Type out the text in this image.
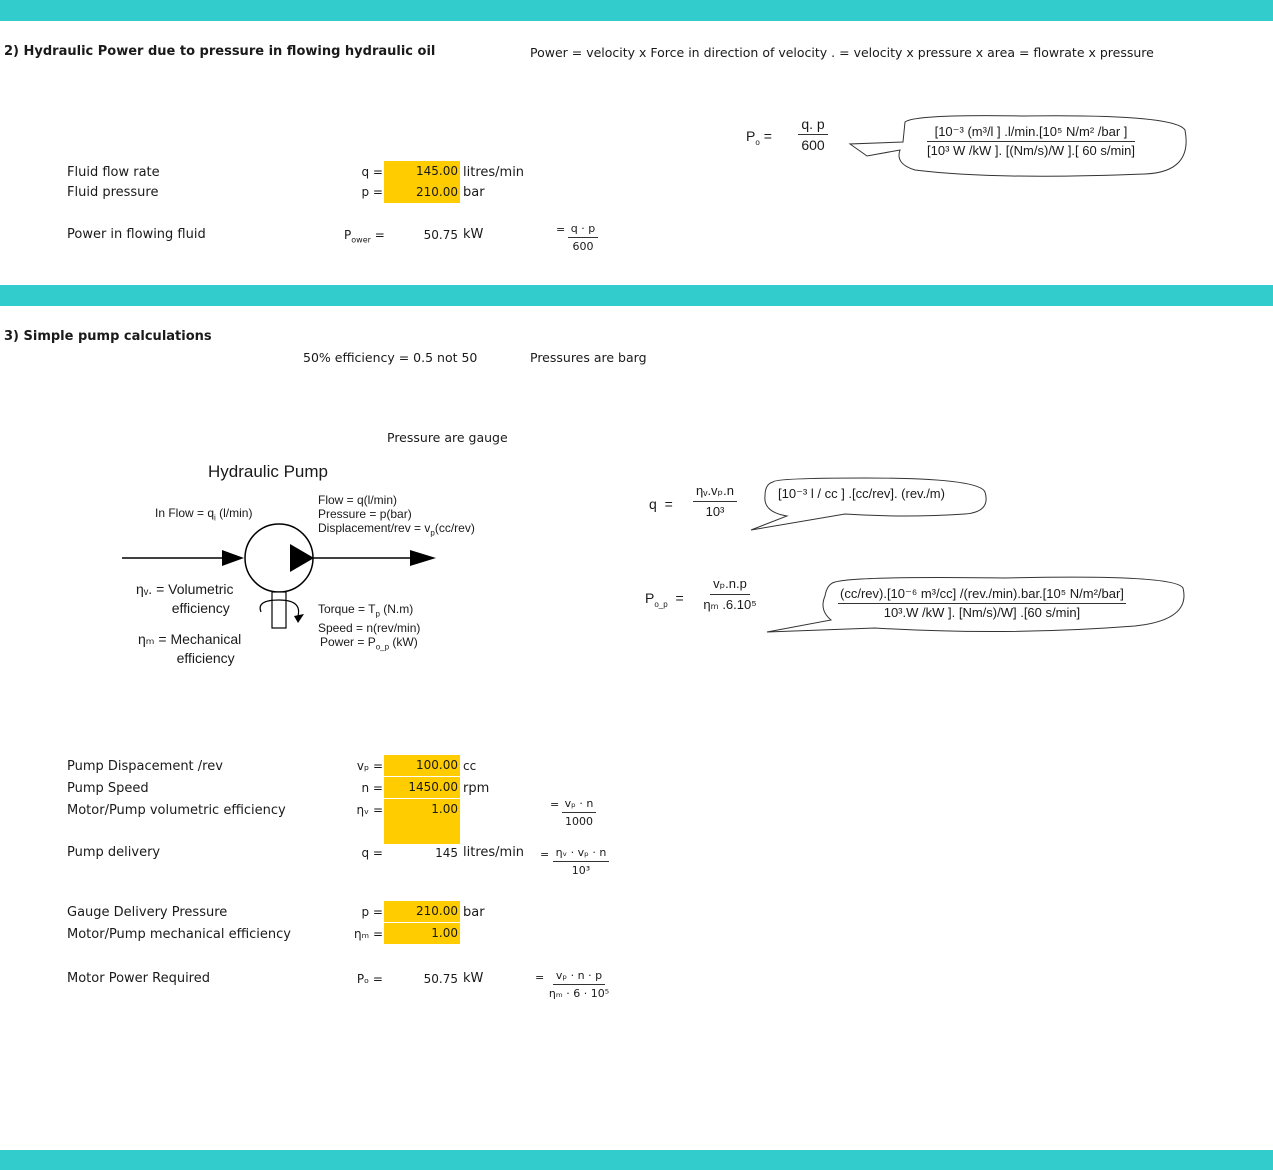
2) Hydraulic Power due to pressure in flowing hydraulic oil	Power = velocity x Force in direction of velocity . = velocity x pressure x area = flowrate x pressure
$P_o = \frac{q. p}{600}$	[10⁻³ (m³/l ] .l/min.[10⁵ N/m² /bar ]
[10³ W /kW ]. [(Nm/s)/W ].[ 60 s/min]
Fluid flow rate	q =	145.00 litres/min
Fluid pressure	p =	210.00 bar
Power in flowing fluid	$P_{ower}$ =	50.75 kW	= $\frac{q \cdot p}{600}$
3) Simple pump calculations
50% efficiency = 0.5 not 50	Pressures are barg
Pressure are gauge
Hydraulic Pump
In Flow = $q_i$ (l/min)
Flow = q(l/min)
Pressure = p(bar)
Displacement/rev = $v_p(cc/rev)$
ηᵥ. = Volumetric
efficiency
ηₘ = Mechanical
efficiency
Torque = $T_p$ (N.m)
Speed = n(rev/min)
Power = $P_{o\_p}$ (kW)
$q = \frac{\text{ηᵥ.vₚ.n}}{\text{10³}} [10^{-3}$ l / cc ] .[cc/rev]. (rev./m)
$P_{o\_p} = \frac{\text{vₚ.n.p}}{\text{ηₘ .6.10⁵}}$	(cc/rev).[10⁻⁶ m³/cc] /(rev./min).bar.[10⁵ N/m²/bar]
10³.W /kW ]. [Nm/s)/W] .[60 s/min]
Pump Dispacement /rev	vₚ =	100.00 cc
Pump Speed	n =	1450.00 rpm
Motor/Pump volumetric efficiency	ηᵥ =	1.00	= $\frac{\text{vₚ · n}}{1000}$
Pump delivery	q =	145 litres/min = $\frac{\text{ηᵥ · vₚ · n}}{\text{10³}}$
Gauge Delivery Pressure	p =	210.00 bar
Motor/Pump mechanical efficiency	ηₘ =	1.00
Motor Power Required	Pₒ =	50.75 kW	= $\frac{\text{vₚ · n · p}}{\text{ηₘ · 6 · 10⁵}}$
